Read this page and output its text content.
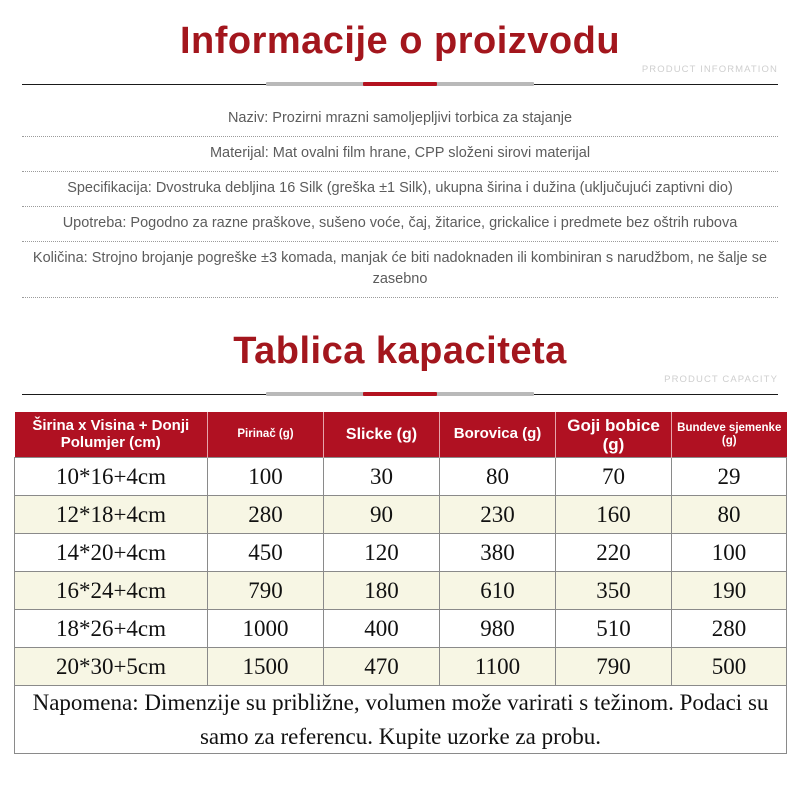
Informacije o proizvodu
PRODUCT INFORMATION
Naziv: Prozirni mrazni samoljepljivi torbica za stajanje
Materijal: Mat ovalni film hrane, CPP složeni sirovi materijal
Specifikacija: Dvostruka debljina 16 Silk (greška ±1 Silk), ukupna širina i dužina (uključujući zaptivni dio)
Upotreba: Pogodno za razne praškove, sušeno voće, čaj, žitarice, grickalice i predmete bez oštrih rubova
Količina: Strojno brojanje pogreške ±3 komada, manjak će biti nadoknaden ili kombiniran s narudžbom, ne šalje se zasebno
Tablica kapaciteta
PRODUCT CAPACITY
Širina x Visina + Donji Polumjer (cm)	Pirinač (g)	Slicke (g)	Borovica (g)	Goji bobice (g)	Bundeve sjemenke (g)
10*16+4cm	100	30	80	70	29
12*18+4cm	280	90	230	160	80
14*20+4cm	450	120	380	220	100
16*24+4cm	790	180	610	350	190
18*26+4cm	1000	400	980	510	280
20*30+5cm	1500	470	1100	790	500
Napomena: Dimenzije su približne, volumen može varirati s težinom. Podaci su samo za referencu. Kupite uzorke za probu.					
